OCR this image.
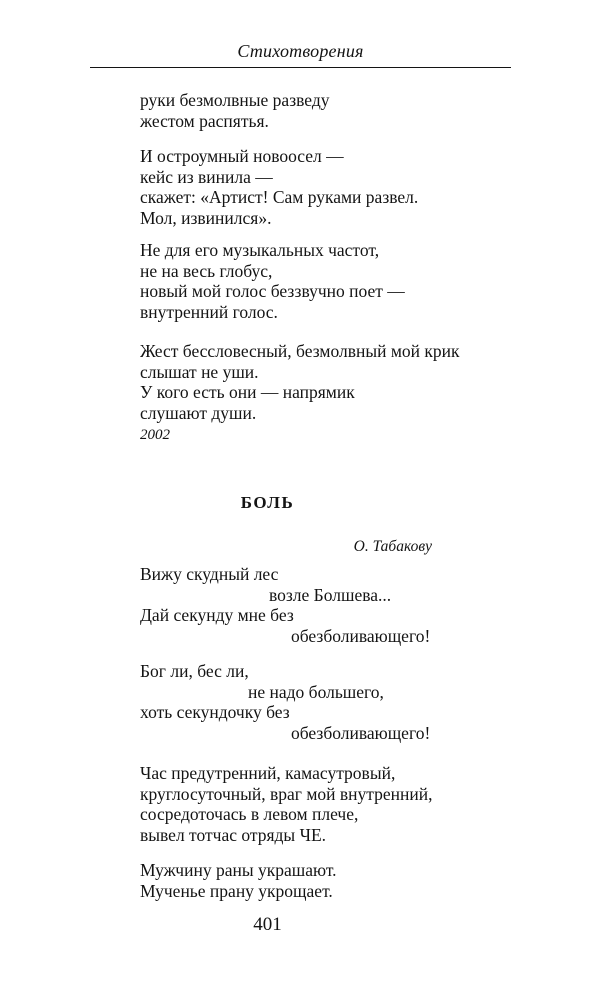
Стихотворения
руки безмолвные разведу
жестом распятья.
И остроумный новоосел —
кейс из винила —
скажет: «Артист! Сам руками развел.
Мол, извинился».
Не для его музыкальных частот,
не на весь глобус,
новый мой голос беззвучно поет —
внутренний голос.
Жест бессловесный, безмолвный мой крик
слышат не уши.
У кого есть они — напрямик
слушают души.
2002
БОЛЬ
О. Табакову
Вижу скудный лес
возле Болшева...
Дай секунду мне без
обезболивающего!
Бог ли, бес ли,
не надо большего,
хоть секундочку без
обезболивающего!
Час предутренний, камасутровый,
круглосуточный, враг мой внутренний,
сосредоточась в левом плече,
вывел тотчас отряды ЧЕ.
Мужчину раны украшают.
Мученье прану укрощает.
401
